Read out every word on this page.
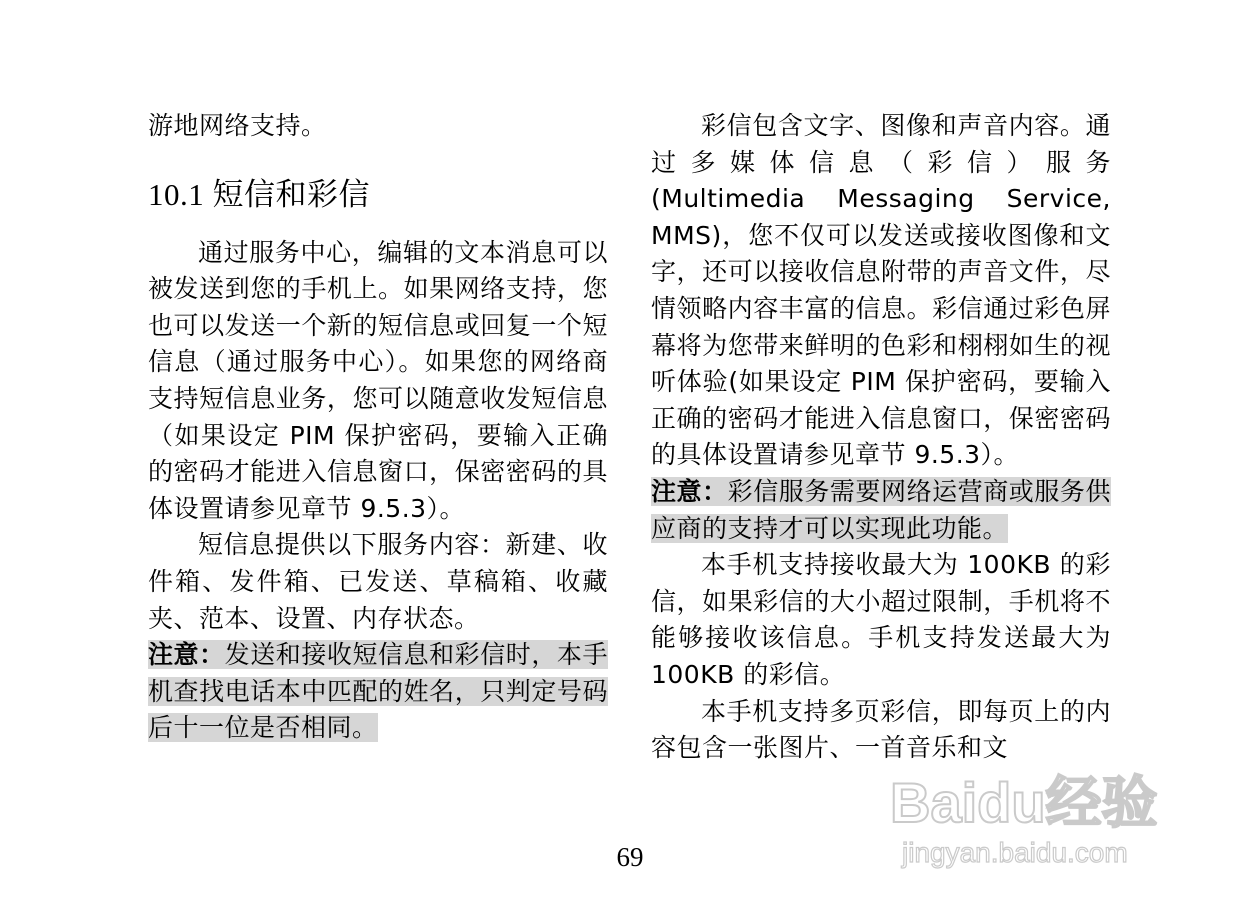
游地网络支持。

10.1 短信和彩信

通过服务中心，编辑的文本消息可以被发送到您的手机上。如果网络支持，您也可以发送一个新的短信息或回复一个短信息（通过服务中心）。如果您的网络商支持短信息业务，您可以随意收发短信息（如果设定 PIM 保护密码，要输入正确的密码才能进入信息窗口，保密密码的具体设置请参见章节 9.5.3）。

短信息提供以下服务内容：新建、收件箱、发件箱、已发送、草稿箱、收藏夹、范本、设置、内存状态。

注意：发送和接收短信息和彩信时，本手机查找电话本中匹配的姓名，只判定号码后十一位是否相同。

彩信包含文字、图像和声音内容。通过多媒体信息（彩信）服务(Multimedia Messaging Service, MMS)，您不仅可以发送或接收图像和文字，还可以接收信息附带的声音文件，尽情领略内容丰富的信息。彩信通过彩色屏幕将为您带来鲜明的色彩和栩栩如生的视听体验(如果设定 PIM 保护密码，要输入正确的密码才能进入信息窗口，保密密码的具体设置请参见章节 9.5.3）。

注意：彩信服务需要网络运营商或服务供应商的支持才可以实现此功能。

本手机支持接收最大为 100KB 的彩信，如果彩信的大小超过限制，手机将不能够接收该信息。手机支持发送最大为 100KB 的彩信。

本手机支持多页彩信，即每页上的内容包含一张图片、一首音乐和文

69
Baidu经验
jingyan.baidu.com
